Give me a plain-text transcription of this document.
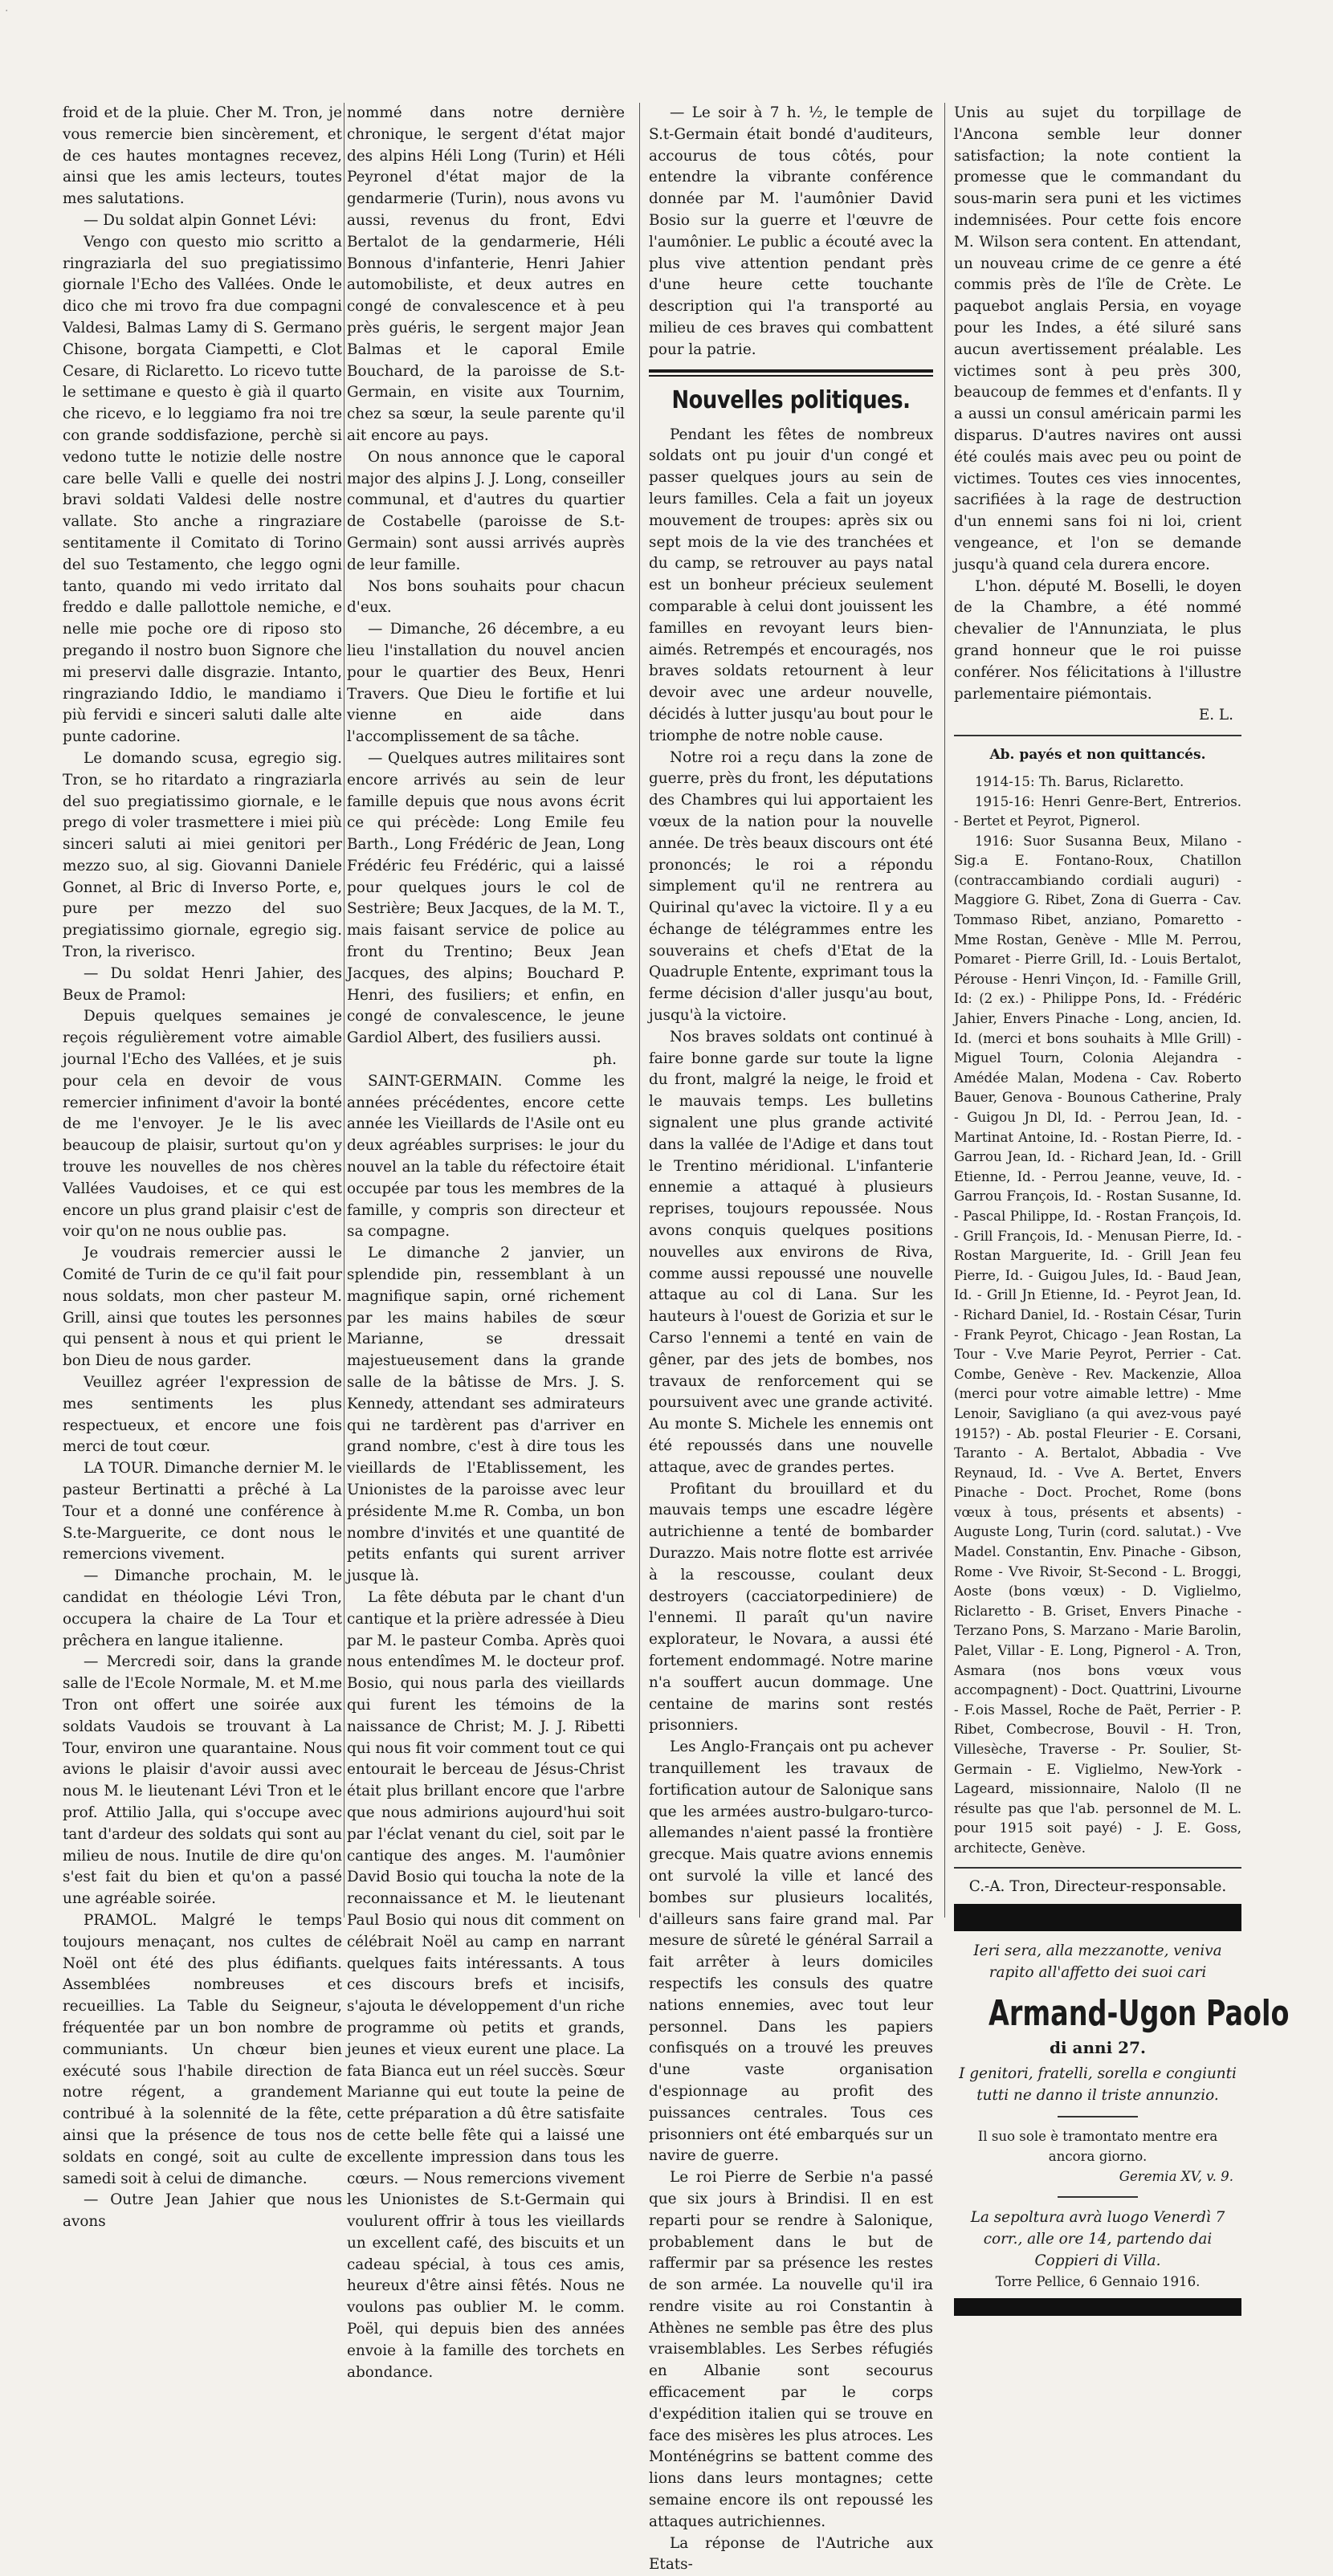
·

froid et de la pluie. Cher M. Tron, je vous remercie bien sincèrement, et de ces hautes montagnes recevez, ainsi que les amis lecteurs, toutes mes salutations.

— Du soldat alpin Gonnet Lévi:

Vengo con questo mio scritto a ringraziarla del suo pregiatissimo giornale l'Echo des Vallées. Onde le dico che mi trovo fra due compagni Valdesi, Balmas Lamy di S. Germano Chisone, borgata Ciampetti, e Clot Cesare, di Riclaretto. Lo ricevo tutte le settimane e questo è già il quarto che ricevo, e lo leggiamo fra noi tre con grande soddisfazione, perchè si vedono tutte le notizie delle nostre care belle Valli e quelle dei nostri bravi soldati Valdesi delle nostre vallate. Sto anche a ringraziare sentitamente il Comitato di Torino del suo Testamento, che leggo ogni tanto, quando mi vedo irritato dal freddo e dalle pallottole nemiche, e nelle mie poche ore di riposo sto pregando il nostro buon Signore che mi preservi dalle disgrazie. Intanto, ringraziando Iddio, le mandiamo i più fervidi e sinceri saluti dalle alte punte cadorine.

Le domando scusa, egregio sig. Tron, se ho ritardato a ringraziarla del suo pregiatissimo giornale, e le prego di voler trasmettere i miei più sinceri saluti ai miei genitori per mezzo suo, al sig. Giovanni Daniele Gonnet, al Bric di Inverso Porte, e, pure per mezzo del suo pregiatissimo giornale, egregio sig. Tron, la riverisco.

— Du soldat Henri Jahier, des Beux de Pramol:

Depuis quelques semaines je reçois régulièrement votre aimable journal l'Echo des Vallées, et je suis pour cela en devoir de vous remercier infiniment d'avoir la bonté de me l'envoyer. Je le lis avec beaucoup de plaisir, surtout qu'on y trouve les nouvelles de nos chères Vallées Vaudoises, et ce qui est encore un plus grand plaisir c'est de voir qu'on ne nous oublie pas.

Je voudrais remercier aussi le Comité de Turin de ce qu'il fait pour nous soldats, mon cher pasteur M. Grill, ainsi que toutes les personnes qui pensent à nous et qui prient le bon Dieu de nous garder.

Veuillez agréer l'expression de mes sentiments les plus respectueux, et encore une fois merci de tout cœur.

LA TOUR. Dimanche dernier M. le pasteur Bertinatti a prêché à La Tour et a donné une conférence à S.te-Marguerite, ce dont nous le remercions vivement.

— Dimanche prochain, M. le candidat en théologie Lévi Tron, occupera la chaire de La Tour et prêchera en langue italienne.

— Mercredi soir, dans la grande salle de l'Ecole Normale, M. et M.me Tron ont offert une soirée aux soldats Vaudois se trouvant à La Tour, environ une quarantaine. Nous avions le plaisir d'avoir aussi avec nous M. le lieutenant Lévi Tron et le prof. Attilio Jalla, qui s'occupe avec tant d'ardeur des soldats qui sont au milieu de nous. Inutile de dire qu'on s'est fait du bien et qu'on a passé une agréable soirée.

PRAMOL. Malgré le temps toujours menaçant, nos cultes de Noël ont été des plus édifiants. Assemblées nombreuses et recueillies. La Table du Seigneur, fréquentée par un bon nombre de communiants. Un chœur bien exécuté sous l'habile direction de notre régent, a grandement contribué à la solennité de la fête, ainsi que la présence de tous nos soldats en congé, soit au culte de samedi soit à celui de dimanche.

— Outre Jean Jahier que nous avons

nommé dans notre dernière chronique, le sergent d'état major des alpins Héli Long (Turin) et Héli Peyronel d'état major de la gendarmerie (Turin), nous avons vu aussi, revenus du front, Edvi Bertalot de la gendarmerie, Héli Bonnous d'infanterie, Henri Jahier automobiliste, et deux autres en congé de convalescence et à peu près guéris, le sergent major Jean Balmas et le caporal Emile Bouchard, de la paroisse de S.t-Germain, en visite aux Tournim, chez sa sœur, la seule parente qu'il ait encore au pays.

On nous annonce que le caporal major des alpins J. J. Long, conseiller communal, et d'autres du quartier de Costabelle (paroisse de S.t-Germain) sont aussi arrivés auprès de leur famille.

Nos bons souhaits pour chacun d'eux.

— Dimanche, 26 décembre, a eu lieu l'installation du nouvel ancien pour le quartier des Beux, Henri Travers. Que Dieu le fortifie et lui vienne en aide dans l'accomplissement de sa tâche.

— Quelques autres militaires sont encore arrivés au sein de leur famille depuis que nous avons écrit ce qui précède: Long Emile feu Barth., Long Frédéric de Jean, Long Frédéric feu Frédéric, qui a laissé pour quelques jours le col de Sestrière; Beux Jacques, de la M. T., mais faisant service de police au front du Trentino; Beux Jean Jacques, des alpins; Bouchard P. Henri, des fusiliers; et enfin, en congé de convalescence, le jeune Gardiol Albert, des fusiliers aussi.

ph.

SAINT-GERMAIN. Comme les années précédentes, encore cette année les Vieillards de l'Asile ont eu deux agréables surprises: le jour du nouvel an la table du réfectoire était occupée par tous les membres de la famille, y compris son directeur et sa compagne.

Le dimanche 2 janvier, un splendide pin, ressemblant à un magnifique sapin, orné richement par les mains habiles de sœur Marianne, se dressait majestueusement dans la grande salle de la bâtisse de Mrs. J. S. Kennedy, attendant ses admirateurs qui ne tardèrent pas d'arriver en grand nombre, c'est à dire tous les vieillards de l'Etablissement, les Unionistes de la paroisse avec leur présidente M.me R. Comba, un bon nombre d'invités et une quantité de petits enfants qui surent arriver jusque là.

La fête débuta par le chant d'un cantique et la prière adressée à Dieu par M. le pasteur Comba. Après quoi nous entendîmes M. le docteur prof. Bosio, qui nous parla des vieillards qui furent les témoins de la naissance de Christ; M. J. J. Ribetti qui nous fit voir comment tout ce qui entourait le berceau de Jésus-Christ était plus brillant encore que l'arbre que nous admirions aujourd'hui soit par l'éclat venant du ciel, soit par le cantique des anges. M. l'aumônier David Bosio qui toucha la note de la reconnaissance et M. le lieutenant Paul Bosio qui nous dit comment on célébrait Noël au camp en narrant quelques faits intéressants. A tous ces discours brefs et incisifs, s'ajouta le développement d'un riche programme où petits et grands, jeunes et vieux eurent une place. La fata Bianca eut un réel succès. Sœur Marianne qui eut toute la peine de cette préparation a dû être satisfaite de cette belle fête qui a laissé une excellente impression dans tous les cœurs. — Nous remercions vivement les Unionistes de S.t-Germain qui voulurent offrir à tous les vieillards un excellent café, des biscuits et un cadeau spécial, à tous ces amis, heureux d'être ainsi fêtés. Nous ne voulons pas oublier M. le comm. Poël, qui depuis bien des années envoie à la famille des torchets en abondance.

— Le soir à 7 h. ½, le temple de S.t-Germain était bondé d'auditeurs, accourus de tous côtés, pour entendre la vibrante conférence donnée par M. l'aumônier David Bosio sur la guerre et l'œuvre de l'aumônier. Le public a écouté avec la plus vive attention pendant près d'une heure cette touchante description qui l'a transporté au milieu de ces braves qui combattent pour la patrie.

Nouvelles politiques.

Pendant les fêtes de nombreux soldats ont pu jouir d'un congé et passer quelques jours au sein de leurs familles. Cela a fait un joyeux mouvement de troupes: après six ou sept mois de la vie des tranchées et du camp, se retrouver au pays natal est un bonheur précieux seulement comparable à celui dont jouissent les familles en revoyant leurs bien-aimés. Retrempés et encouragés, nos braves soldats retournent à leur devoir avec une ardeur nouvelle, décidés à lutter jusqu'au bout pour le triomphe de notre noble cause.

Notre roi a reçu dans la zone de guerre, près du front, les députations des Chambres qui lui apportaient les vœux de la nation pour la nouvelle année. De très beaux discours ont été prononcés; le roi a répondu simplement qu'il ne rentrera au Quirinal qu'avec la victoire. Il y a eu échange de télégrammes entre les souverains et chefs d'Etat de la Quadruple Entente, exprimant tous la ferme décision d'aller jusqu'au bout, jusqu'à la victoire.

Nos braves soldats ont continué à faire bonne garde sur toute la ligne du front, malgré la neige, le froid et le mauvais temps. Les bulletins signalent une plus grande activité dans la vallée de l'Adige et dans tout le Trentino méridional. L'infanterie ennemie a attaqué à plusieurs reprises, toujours repoussée. Nous avons conquis quelques positions nouvelles aux environs de Riva, comme aussi repoussé une nouvelle attaque au col di Lana. Sur les hauteurs à l'ouest de Gorizia et sur le Carso l'ennemi a tenté en vain de gêner, par des jets de bombes, nos travaux de renforcement qui se poursuivent avec une grande activité. Au monte S. Michele les ennemis ont été repoussés dans une nouvelle attaque, avec de grandes pertes.

Profitant du brouillard et du mauvais temps une escadre légère autrichienne a tenté de bombarder Durazzo. Mais notre flotte est arrivée à la rescousse, coulant deux destroyers (cacciatorpediniere) de l'ennemi. Il paraît qu'un navire explorateur, le Novara, a aussi été fortement endommagé. Notre marine n'a souffert aucun dommage. Une centaine de marins sont restés prisonniers.

Les Anglo-Français ont pu achever tranquillement les travaux de fortification autour de Salonique sans que les armées austro-bulgaro-turco-allemandes n'aient passé la frontière grecque. Mais quatre avions ennemis ont survolé la ville et lancé des bombes sur plusieurs localités, d'ailleurs sans faire grand mal. Par mesure de sûreté le général Sarrail a fait arrêter à leurs domiciles respectifs les consuls des quatre nations ennemies, avec tout leur personnel. Dans les papiers confisqués on a trouvé les preuves d'une vaste organisation d'espionnage au profit des puissances centrales. Tous ces prisonniers ont été embarqués sur un navire de guerre.

Le roi Pierre de Serbie n'a passé que six jours à Brindisi. Il en est reparti pour se rendre à Salonique, probablement dans le but de raffermir par sa présence les restes de son armée. La nouvelle qu'il ira rendre visite au roi Constantin à Athènes ne semble pas être des plus vraisemblables. Les Serbes réfugiés en Albanie sont secourus efficacement par le corps d'expédition italien qui se trouve en face des misères les plus atroces. Les Monténégrins se battent comme des lions dans leurs montagnes; cette semaine encore ils ont repoussé les attaques autrichiennes.

La réponse de l'Autriche aux Etats-

Unis au sujet du torpillage de l'Ancona semble leur donner satisfaction; la note contient la promesse que le commandant du sous-marin sera puni et les victimes indemnisées. Pour cette fois encore M. Wilson sera content. En attendant, un nouveau crime de ce genre a été commis près de l'île de Crète. Le paquebot anglais Persia, en voyage pour les Indes, a été siluré sans aucun avertissement préalable. Les victimes sont à peu près 300, beaucoup de femmes et d'enfants. Il y a aussi un consul américain parmi les disparus. D'autres navires ont aussi été coulés mais avec peu ou point de victimes. Toutes ces vies innocentes, sacrifiées à la rage de destruction d'un ennemi sans foi ni loi, crient vengeance, et l'on se demande jusqu'à quand cela durera encore.

L'hon. député M. Boselli, le doyen de la Chambre, a été nommé chevalier de l'Annunziata, le plus grand honneur que le roi puisse conférer. Nos félicitations à l'illustre parlementaire piémontais.

E. L.

Ab. payés et non quittancés.

1914-15: Th. Barus, Riclaretto.

1915-16: Henri Genre-Bert, Entrerios. - Bertet et Peyrot, Pignerol.

1916: Suor Susanna Beux, Milano - Sig.a E. Fontano-Roux, Chatillon (contraccambiando cordiali auguri) - Maggiore G. Ribet, Zona di Guerra - Cav. Tommaso Ribet, anziano, Pomaretto - Mme Rostan, Genève - Mlle M. Perrou, Pomaret - Pierre Grill, Id. - Louis Bertalot, Pérouse - Henri Vinçon, Id. - Famille Grill, Id: (2 ex.) - Philippe Pons, Id. - Frédéric Jahier, Envers Pinache - Long, ancien, Id. Id. (merci et bons souhaits à Mlle Grill) - Miguel Tourn, Colonia Alejandra - Amédée Malan, Modena - Cav. Roberto Bauer, Genova - Bounous Catherine, Praly - Guigou Jn Dl, Id. - Perrou Jean, Id. - Martinat Antoine, Id. - Rostan Pierre, Id. - Garrou Jean, Id. - Richard Jean, Id. - Grill Etienne, Id. - Perrou Jeanne, veuve, Id. - Garrou François, Id. - Rostan Susanne, Id. - Pascal Philippe, Id. - Rostan François, Id. - Grill François, Id. - Menusan Pierre, Id. - Rostan Marguerite, Id. - Grill Jean feu Pierre, Id. - Guigou Jules, Id. - Baud Jean, Id. - Grill Jn Etienne, Id. - Peyrot Jean, Id. - Richard Daniel, Id. - Rostain César, Turin - Frank Peyrot, Chicago - Jean Rostan, La Tour - V.ve Marie Peyrot, Perrier - Cat. Combe, Genève - Rev. Mackenzie, Alloa (merci pour votre aimable lettre) - Mme Lenoir, Savigliano (a qui avez-vous payé 1915?) - Ab. postal Fleurier - E. Corsani, Taranto - A. Bertalot, Abbadia - Vve Reynaud, Id. - Vve A. Bertet, Envers Pinache - Doct. Prochet, Rome (bons vœux à tous, présents et absents) - Auguste Long, Turin (cord. salutat.) - Vve Madel. Constantin, Env. Pinache - Gibson, Rome - Vve Rivoir, St-Second - L. Broggi, Aoste (bons vœux) - D. Viglielmo, Riclaretto - B. Griset, Envers Pinache - Terzano Pons, S. Marzano - Marie Barolin, Palet, Villar - E. Long, Pignerol - A. Tron, Asmara (nos bons vœux vous accompagnent) - Doct. Quattrini, Livourne - F.ois Massel, Roche de Paët, Perrier - P. Ribet, Combecrose, Bouvil - H. Tron, Villesèche, Traverse - Pr. Soulier, St-Germain - E. Viglielmo, New-York - Lageard, missionnaire, Nalolo (Il ne résulte pas que l'ab. personnel de M. L. pour 1915 soit payé) - J. E. Goss, architecte, Genève.

C.-A. Tron, Directeur-responsable.

Ieri sera, alla mezzanotte, veniva rapito all'affetto dei suoi cari

Armand-Ugon Paolo
di anni 27.

I genitori, fratelli, sorella e congiunti tutti ne danno il triste annunzio.

Il suo sole è tramontato mentre era ancora giorno.

Geremia XV, v. 9.

La sepoltura avrà luogo Venerdì 7 corr., alle ore 14, partendo dai Coppieri di Villa.

Torre Pellice, 6 Gennaio 1916.
